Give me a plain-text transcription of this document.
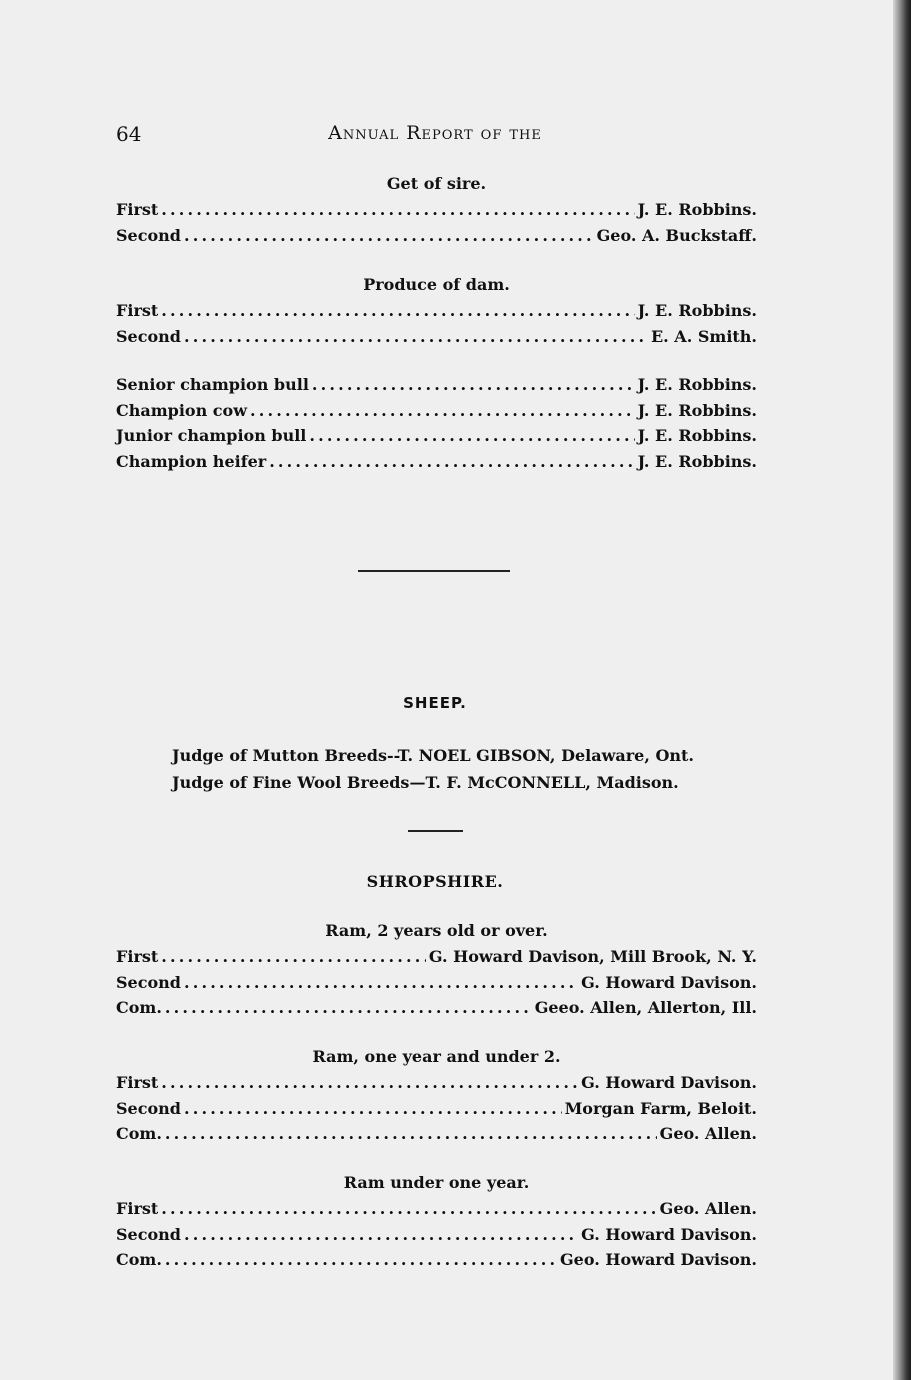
64	Annual Report of the
Get of sire.
First . . .	J. E. Robbins.
Second . . .	Geo. A. Buckstaff.
Produce of dam.
First . . .	J. E. Robbins.
Second . . .	E. A. Smith.
Senior champion bull . . .	J. E. Robbins.
Champion cow . . .	J. E. Robbins.
Junior champion bull . . .	J. E. Robbins.
Champion heifer . . .	J. E. Robbins.
SHEEP.
Judge of Mutton Breeds--T. NOEL GIBSON, Delaware, Ont.
Judge of Fine Wool Breeds—T. F. McCONNELL, Madison.
SHROPSHIRE.
Ram, 2 years old or over.
First . . .	G. Howard Davison, Mill Brook, N. Y.
Second . . .	G. Howard Davison.
Com. . . .	Geeo. Allen, Allerton, Ill.
Ram, one year and under 2.
First . . .	G. Howard Davison.
Second . . .	Morgan Farm, Beloit.
Com. . . .	Geo. Allen.
Ram under one year.
First . . .	Geo. Allen.
Second . . .	G. Howard Davison.
Com. . . .	Geo. Howard Davison.
